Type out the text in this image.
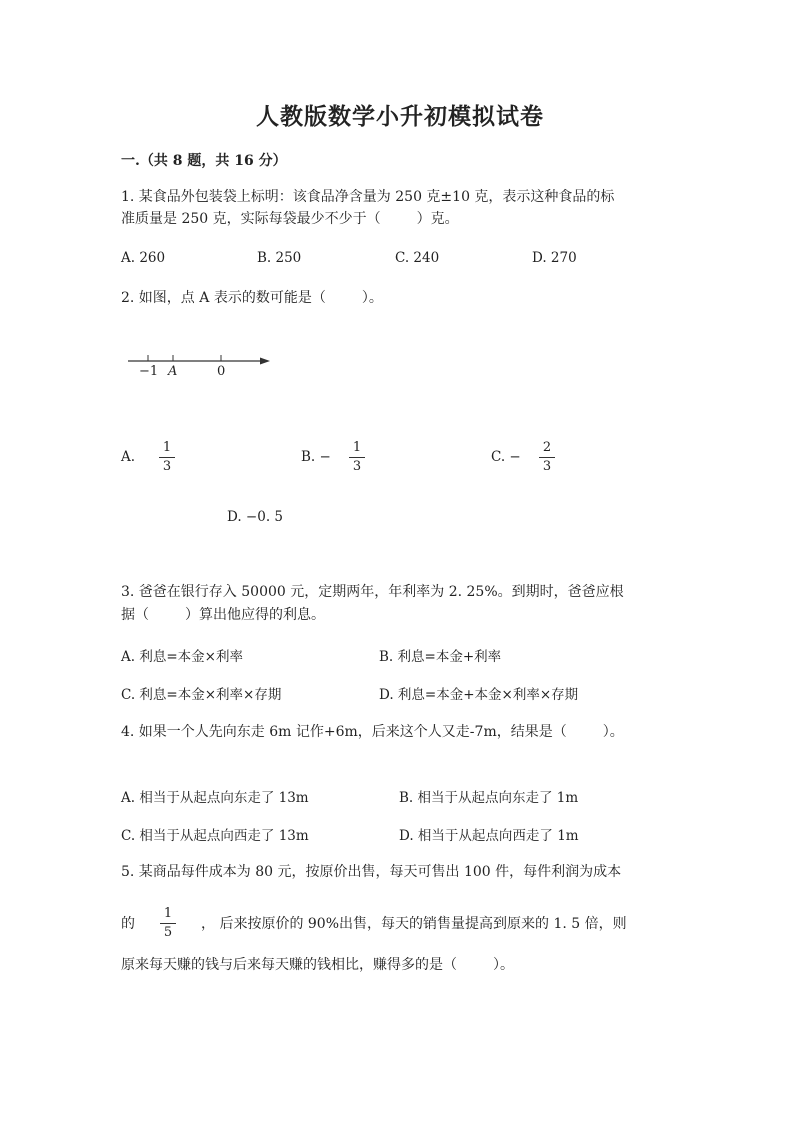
人教版数学小升初模拟试卷
一.（共 8 题，共 16 分）
1. 某食品外包装袋上标明：该食品净含量为 250 克±10 克，表示这种食品的标
准质量是 250 克，实际每袋最少不少于（	）克。
A. 260	B. 250	C. 240	D. 270
2. 如图，点 A 表示的数可能是（	）。
−1 A	0
A.
1
3
B. −
1
3
C. −
2
3
D. −0. 5
3. 爸爸在银行存入 50000 元，定期两年，年利率为 2. 25%。到期时，爸爸应根
据（	）算出他应得的利息。
A. 利息=本金×利率	B. 利息=本金+利率
C. 利息=本金×利率×存期	D. 利息=本金+本金×利率×存期
4. 如果一个人先向东走 6m 记作+6m，后来这个人又走-7m，结果是（	）。
A. 相当于从起点向东走了 13m	B. 相当于从起点向东走了 1m
C. 相当于从起点向西走了 13m	D. 相当于从起点向西走了 1m
5. 某商品每件成本为 80 元，按原价出售，每天可售出 100 件，每件利润为成本
的
1
5
， 后来按原价的 90%出售，每天的销售量提高到原来的 1. 5 倍，则
原来每天赚的钱与后来每天赚的钱相比，赚得多的是（	）。
